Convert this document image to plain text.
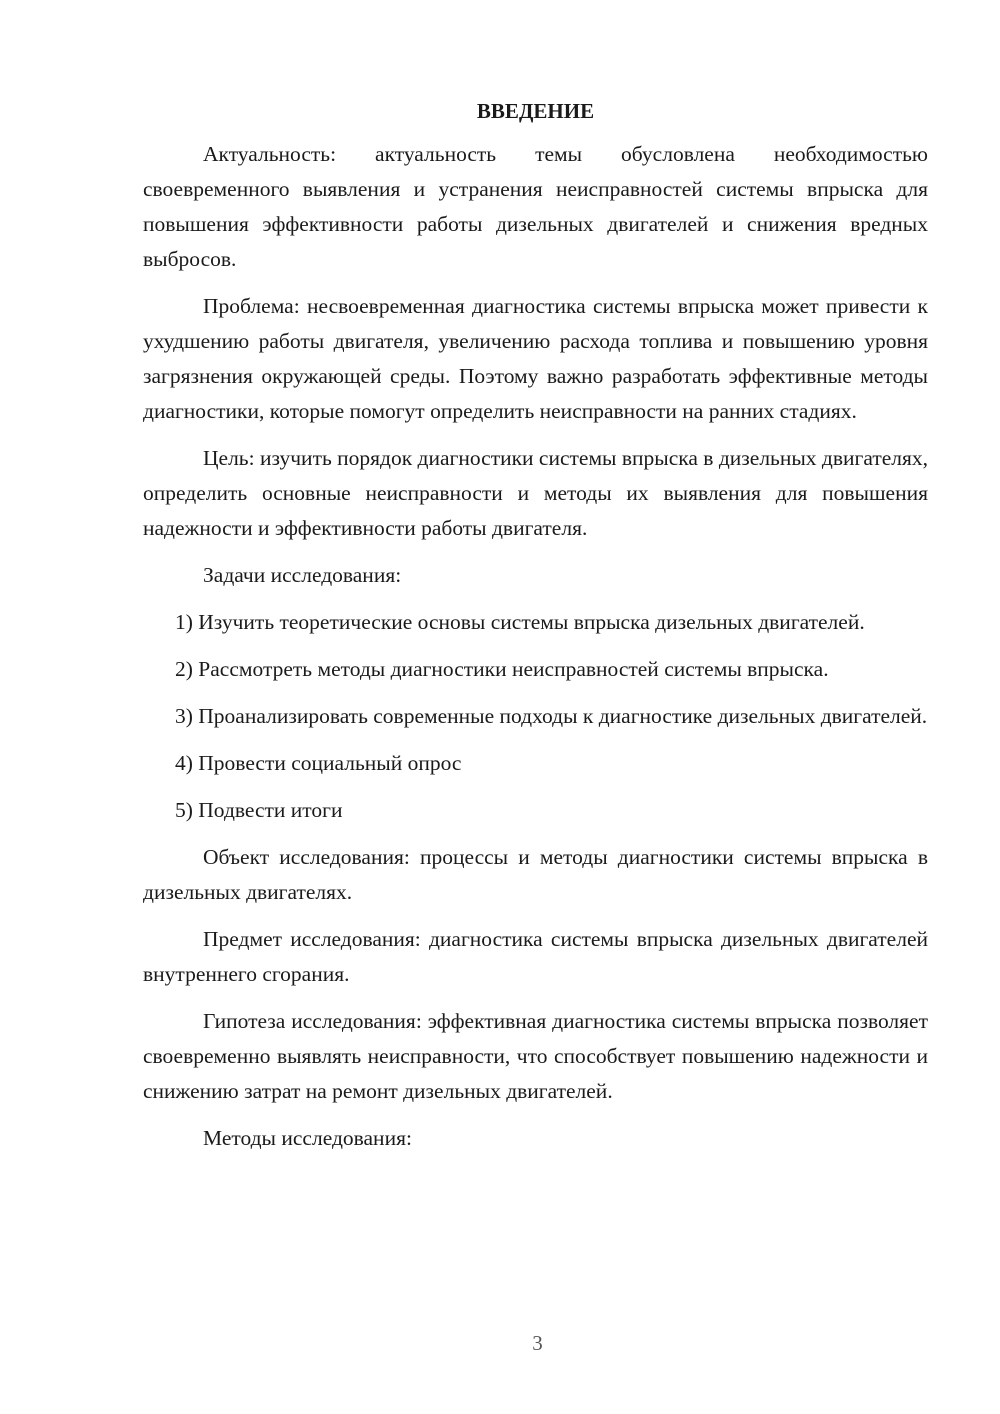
ВВЕДЕНИЕ

Актуальность: актуальность темы обусловлена необходимостью своевременного выявления и устранения неисправностей системы впрыска для повышения эффективности работы дизельных двигателей и снижения вредных выбросов.

Проблема: несвоевременная диагностика системы впрыска может привести к ухудшению работы двигателя, увеличению расхода топлива и повышению уровня загрязнения окружающей среды. Поэтому важно разработать эффективные методы диагностики, которые помогут определить неисправности на ранних стадиях.

Цель: изучить порядок диагностики системы впрыска в дизельных двигателях, определить основные неисправности и методы их выявления для повышения надежности и эффективности работы двигателя.

Задачи исследования:

1) Изучить теоретические основы системы впрыска дизельных двигателей.

2) Рассмотреть методы диагностики неисправностей системы впрыска.

3) Проанализировать современные подходы к диагностике дизельных двигателей.

4) Провести социальный опрос

5) Подвести итоги

Объект исследования: процессы и методы диагностики системы впрыска в дизельных двигателях.

Предмет исследования: диагностика системы впрыска дизельных двигателей внутреннего сгорания.

Гипотеза исследования: эффективная диагностика системы впрыска позволяет своевременно выявлять неисправности, что способствует повышению надежности и снижению затрат на ремонт дизельных двигателей.

Методы исследования:

3
